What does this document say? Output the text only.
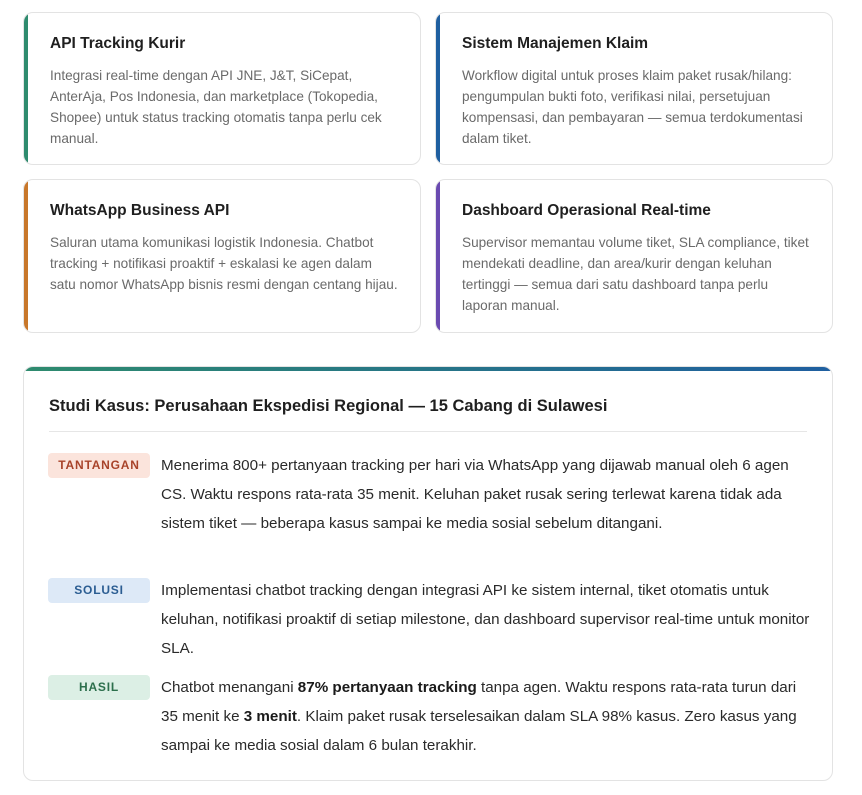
API Tracking Kurir
Integrasi real-time dengan API JNE, J&T, SiCepat, AnterAja, Pos Indonesia, dan marketplace (Tokopedia, Shopee) untuk status tracking otomatis tanpa perlu cek manual.
Sistem Manajemen Klaim
Workflow digital untuk proses klaim paket rusak/hilang: pengumpulan bukti foto, verifikasi nilai, persetujuan kompensasi, dan pembayaran — semua terdokumentasi dalam tiket.
WhatsApp Business API
Saluran utama komunikasi logistik Indonesia. Chatbot tracking + notifikasi proaktif + eskalasi ke agen dalam satu nomor WhatsApp bisnis resmi dengan centang hijau.
Dashboard Operasional Real-time
Supervisor memantau volume tiket, SLA compliance, tiket mendekati deadline, dan area/kurir dengan keluhan tertinggi — semua dari satu dashboard tanpa perlu laporan manual.
Studi Kasus: Perusahaan Ekspedisi Regional — 15 Cabang di Sulawesi
TANTANGAN	Menerima 800+ pertanyaan tracking per hari via WhatsApp yang dijawab manual oleh 6 agen CS. Waktu respons rata-rata 35 menit. Keluhan paket rusak sering terlewat karena tidak ada sistem tiket — beberapa kasus sampai ke media sosial sebelum ditangani.
SOLUSI	Implementasi chatbot tracking dengan integrasi API ke sistem internal, tiket otomatis untuk keluhan, notifikasi proaktif di setiap milestone, dan dashboard supervisor real-time untuk monitor SLA.
HASIL	Chatbot menangani 87% pertanyaan tracking tanpa agen. Waktu respons rata-rata turun dari 35 menit ke 3 menit. Klaim paket rusak terselesaikan dalam SLA 98% kasus. Zero kasus yang sampai ke media sosial dalam 6 bulan terakhir.
